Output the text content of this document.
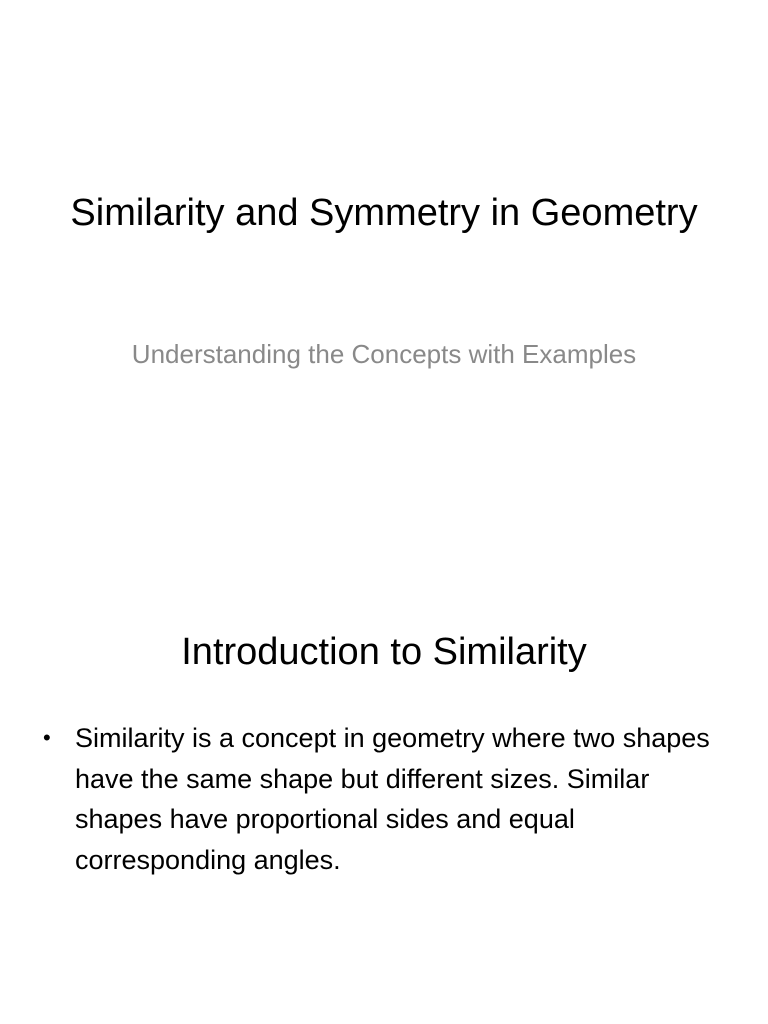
Similarity and Symmetry in Geometry

Understanding the Concepts with Examples

Introduction to Similarity
• Similarity is a concept in geometry where two shapes have the same shape but different sizes. Similar shapes have proportional sides and equal corresponding angles.
